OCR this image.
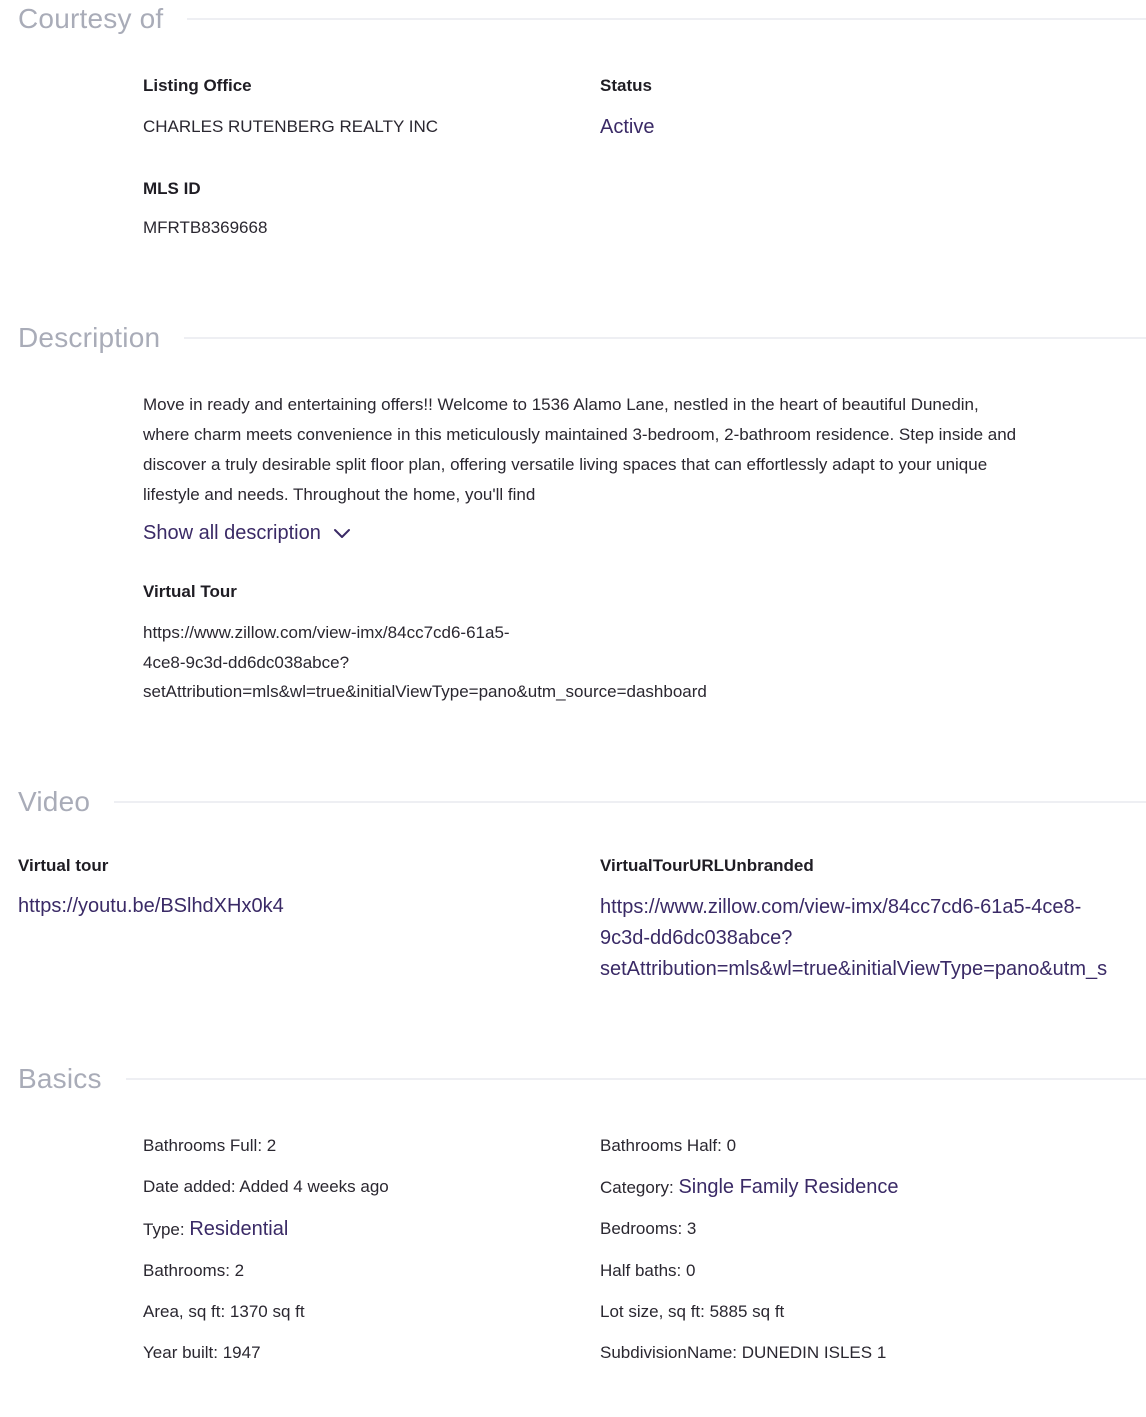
Courtesy of
Listing Office
CHARLES RUTENBERG REALTY INC
Status
Active
MLS ID
MFRTB8369668
Description
Move in ready and entertaining offers!! Welcome to 1536 Alamo Lane, nestled in the heart of beautiful Dunedin, where charm meets convenience in this meticulously maintained 3-bedroom, 2-bathroom residence. Step inside and discover a truly desirable split floor plan, offering versatile living spaces that can effortlessly adapt to your unique lifestyle and needs. Throughout the home, you'll find
Show all description
Virtual Tour
https://www.zillow.com/view-imx/84cc7cd6-61a5-
4ce8-9c3d-dd6dc038abce?
setAttribution=mls&wl=true&initialViewType=pano&utm_source=dashboard
Video
Virtual tour
https://youtu.be/BSlhdXHx0k4
VirtualTourURLUnbranded
https://www.zillow.com/view-imx/84cc7cd6-61a5-4ce8-
9c3d-dd6dc038abce?
setAttribution=mls&wl=true&initialViewType=pano&utm_s
Basics
Bathrooms Full: 2	Bathrooms Half: 0
Date added: Added 4 weeks ago	Category: Single Family Residence
Type: Residential	Bedrooms: 3
Bathrooms: 2	Half baths: 0
Area, sq ft: 1370 sq ft	Lot size, sq ft: 5885 sq ft
Year built: 1947	SubdivisionName: DUNEDIN ISLES 1
